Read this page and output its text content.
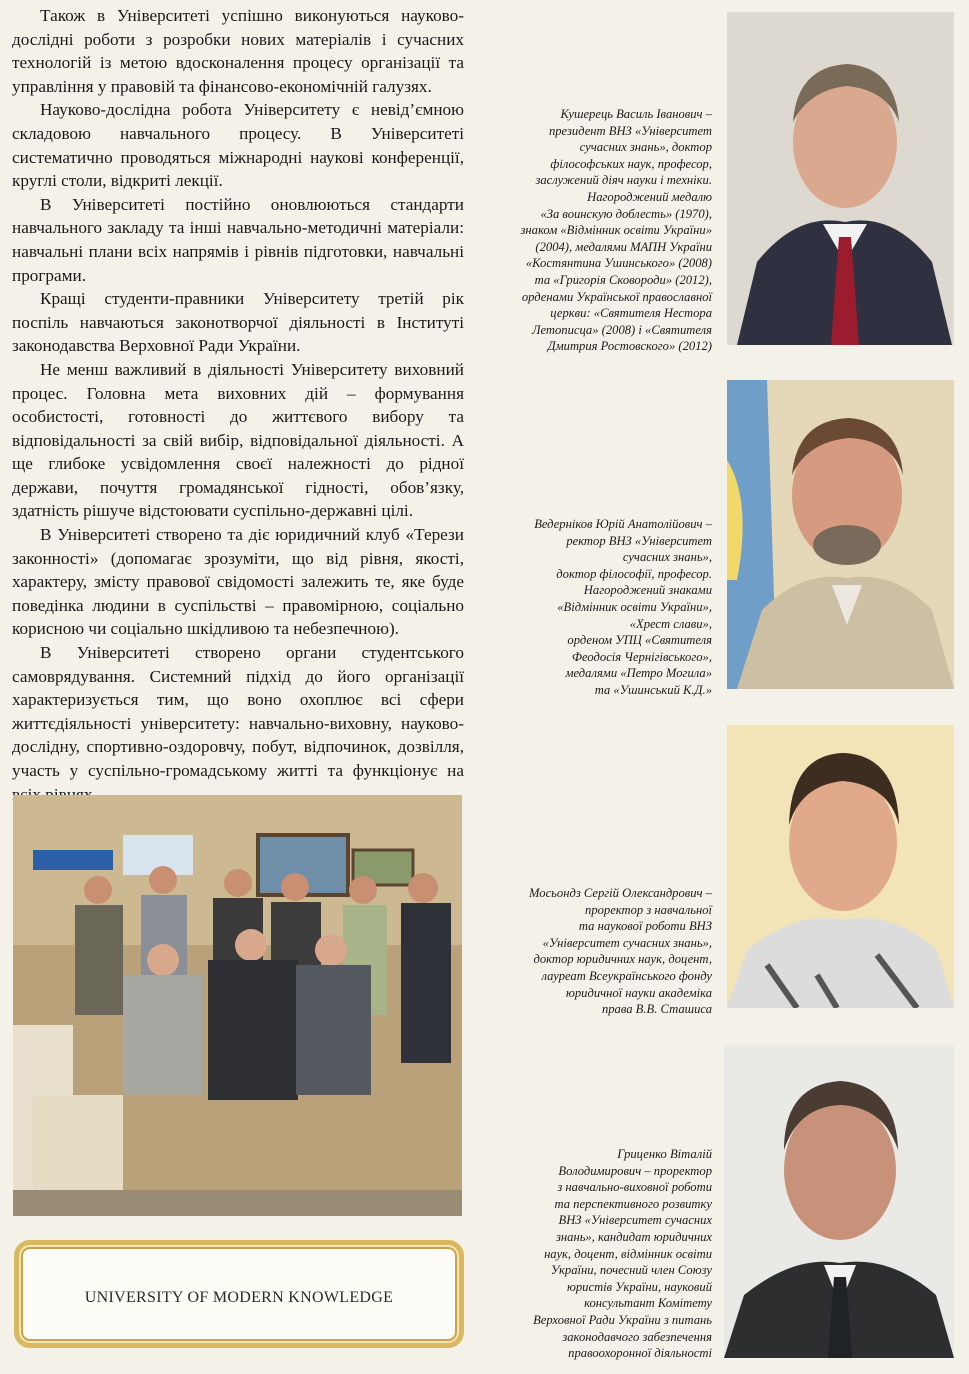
Також в Університеті успішно виконуються науково-дослідні роботи з розробки нових матеріалів і сучасних технологій із метою вдосконалення процесу організації та управління у правовій та фінансово-економічній галузях.

Науково-дослідна робота Університету є невід’ємною складовою навчального процесу. В Університеті систематично проводяться міжнародні наукові конференції, круглі столи, відкриті лекції.

В Університеті постійно оновлюються стандарти навчального закладу та інші навчально-методичні матеріали: навчальні плани всіх напрямів і рівнів підготовки, навчальні програми.

Кращі студенти-правники Університету третій рік поспіль навчаються законотворчої діяльності в Інституті законодавства Верховної Ради України.

Не менш важливий в діяльності Університету виховний процес. Головна мета виховних дій – формування особистості, готовності до життєвого вибору та відповідальності за свій вибір, відповідальної діяльності. А ще глибоке усвідомлення своєї належності до рідної держави, почуття громадянської гідності, обов’язку, здатність рішуче відстоювати суспільно-державні цілі.

В Університеті створено та діє юридичний клуб «Терези законності» (допомагає зрозуміти, що від рівня, якості, характеру, змісту правової свідомості залежить те, яке буде поведінка людини в суспільстві – правомірною, соціально корисною чи соціально шкідливою та небезпечною).

В Університеті створено органи студентського самоврядування. Системний підхід до його організації характеризується тим, що воно охоплює всі сфери життєдіяльності університету: навчально-виховну, науково-дослідну, спортивно-оздоровчу, побут, відпочинок, дозвілля, участь у суспільно-громадському житті та функціонує на

Кушерець Василь Іванович –
президент ВНЗ «Університет
сучасних знань», доктор
філософських наук, професор,
заслужений діяч науки і техніки.
Нагороджений медалю
«За воинскую доблесть» (1970),
знаком «Відмінник освіти України»
(2004), медалями МАПН України
«Костянтина Ушинського» (2008)
та «Григорія Сковороди» (2012),
орденами Української православної
церкви: «Святителя Нестора
Летописца» (2008) і «Святителя
Дмитрия Ростовского» (2012)
Ведерніков Юрій Анатолійович –
ректор ВНЗ «Університет
сучасних знань»,
доктор філософії, професор.
Нагороджений знаками
«Відмінник освіти України»,
«Хрест слави»,
орденом УПЦ «Святителя
Феодосія Чернігівського»,
медалями «Петро Могила»
та «Ушинський К.Д.»
Мосьондз Сергій Олександрович –
проректор з навчальної
та наукової роботи ВНЗ
«Університет сучасних знань»,
доктор юридичних наук, доцент,
лауреат Всеукраїнського фонду
юридичної науки академіка
права В.В. Сташиса
Гриценко Віталій
Володимирович – проректор
з навчально-виховної роботи
та перспективного розвитку
ВНЗ «Університет сучасних
знань», кандидат юридичних
наук, доцент, відмінник освіти
України, почесний член Союзу
юристів України, науковий
консультант Комітету
Верховної Ради України з питань
законодавчого забезпечення
правоохоронної діяльності
UNIVERSITY OF MODERN KNOWLEDGE
